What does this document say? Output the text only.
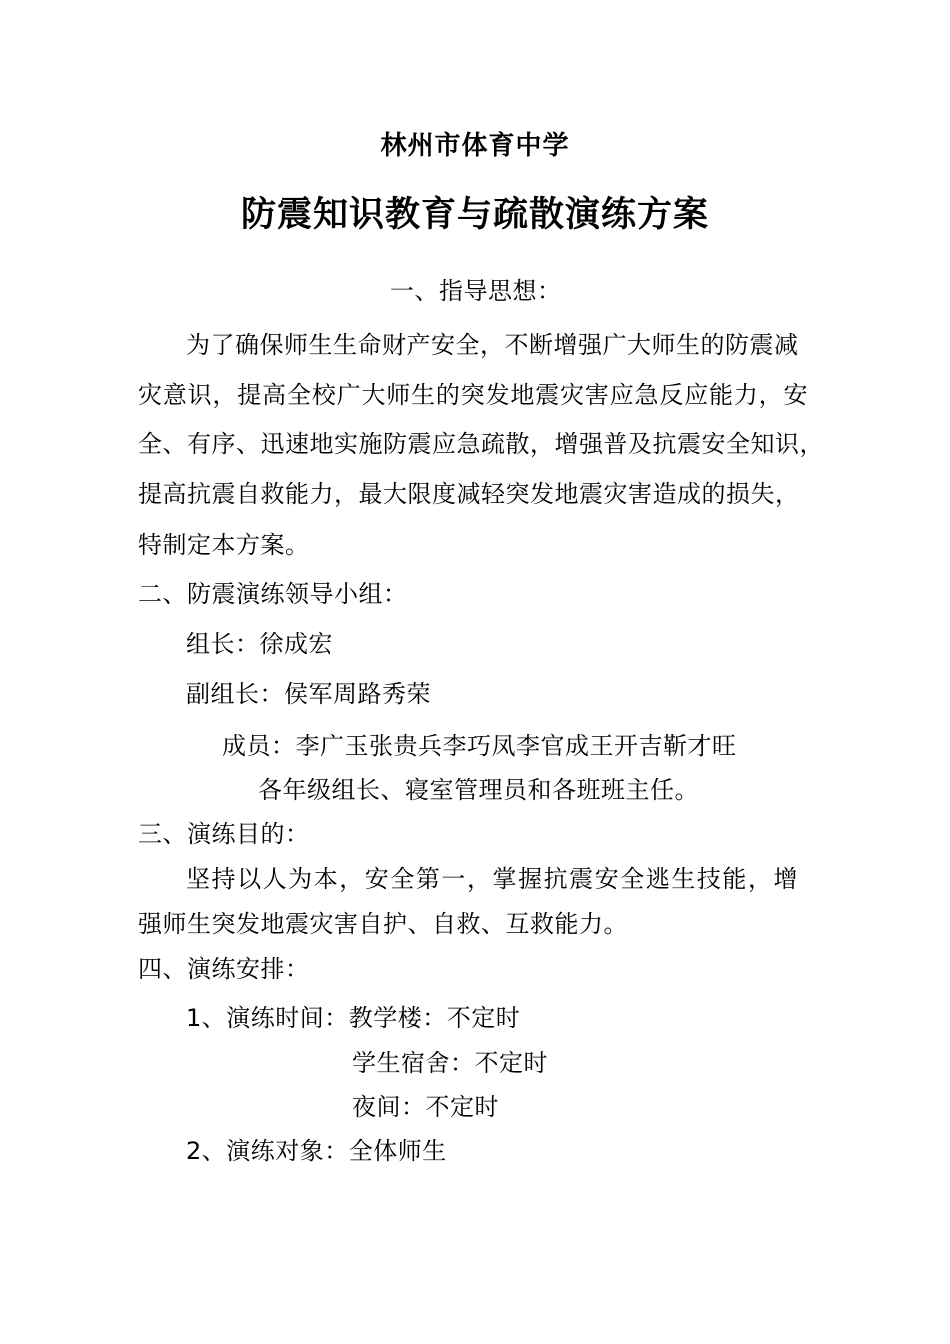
林州市体育中学
防震知识教育与疏散演练方案

一、指导思想：

为了确保师生生命财产安全，不断增强广大师生的防震减

灾意识，提高全校广大师生的突发地震灾害应急反应能力，安

全、有序、迅速地实施防震应急疏散，增强普及抗震安全知识，

提高抗震自救能力，最大限度减轻突发地震灾害造成的损失，

特制定本方案。

二、防震演练领导小组：

组长：徐成宏

副组长：侯军周路秀荣

成员：李广玉张贵兵李巧凤李官成王开吉靳才旺

各年级组长、寝室管理员和各班班主任。

三、演练目的：

坚持以人为本，安全第一，掌握抗震安全逃生技能，增

强师生突发地震灾害自护、自救、互救能力。

四、演练安排：

1、演练时间：教学楼：不定时

学生宿舍：不定时

夜间：不定时

2、演练对象：全体师生
